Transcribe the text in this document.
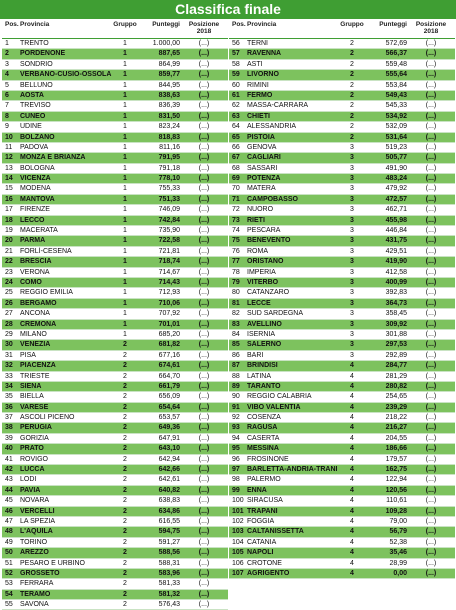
Classifica finale
Pos. Provincia	Gruppo	Punteggi	Posizione
2018
1	TRENTO	1	1.000,00	(...)
2	PORDENONE	1	887,65	(...)
3	SONDRIO	1	864,99	(...)
4	VERBANO-CUSIO-OSSOLA	1	859,77	(...)
5	BELLUNO	1	844,95	(...)
6	AOSTA	1	838,63	(...)
7	TREVISO	1	836,39	(...)
8	CUNEO	1	831,50	(...)
9	UDINE	1	823,24	(...)
10	BOLZANO	1	818,83	(...)
11	PADOVA	1	811,16	(...)
12	MONZA E BRIANZA	1	791,95	(...)
13	BOLOGNA	1	791,18	(...)
14	VICENZA	1	778,10	(...)
15	MODENA	1	755,33	(...)
16	MANTOVA	1	751,33	(...)
17	FIRENZE	1	746,09	(...)
18	LECCO	1	742,84	(...)
19	MACERATA	1	735,90	(...)
20	PARMA	1	722,58	(...)
21	FORLÌ-CESENA	1	721,81	(...)
22	BRESCIA	1	718,74	(...)
23	VERONA	1	714,67	(...)
24	COMO	1	714,43	(...)
25	REGGIO EMILIA	1	712,93	(...)
26	BERGAMO	1	710,06	(...)
27	ANCONA	1	707,92	(...)
28	CREMONA	1	701,01	(...)
29	MILANO	1	685,20	(...)
30	VENEZIA	2	681,82	(...)
31	PISA	2	677,16	(...)
32	PIACENZA	2	674,61	(...)
33	TRIESTE	2	664,70	(...)
34	SIENA	2	661,79	(...)
35	BIELLA	2	656,09	(...)
36	VARESE	2	654,64	(...)
37	ASCOLI PICENO	2	653,57	(...)
38	PERUGIA	2	649,36	(...)
39	GORIZIA	2	647,91	(...)
40	PRATO	2	643,10	(...)
41	ROVIGO	2	642,94	(...)
42	LUCCA	2	642,66	(...)
43	LODI	2	642,61	(...)
44	PAVIA	2	640,82	(...)
45	NOVARA	2	638,83	(...)
46	VERCELLI	2	634,86	(...)
47	LA SPEZIA	2	616,55	(...)
48	L'AQUILA	2	594,75	(...)
49	TORINO	2	591,27	(...)
50	AREZZO	2	588,56	(...)
51	PESARO E URBINO	2	588,31	(...)
52	GROSSETO	2	583,96	(...)
53	FERRARA	2	581,33	(...)
54	TERAMO	2	581,32	(...)
55	SAVONA	2	576,43	(...)
Pos. Provincia	Gruppo	Punteggi	Posizione
2018
56	TERNI	2	572,69	(...)
57	RAVENNA	2	566,37	(...)
58	ASTI	2	559,48	(...)
59	LIVORNO	2	555,64	(...)
60	RIMINI	2	553,84	(...)
61	FERMO	2	549,43	(...)
62	MASSA-CARRARA	2	545,33	(...)
63	CHIETI	2	534,92	(...)
64	ALESSANDRIA	2	532,09	(...)
65	PISTOIA	2	531,64	(...)
66	GENOVA	3	519,23	(...)
67	CAGLIARI	3	505,77	(...)
68	SASSARI	3	491,90	(...)
69	POTENZA	3	483,24	(...)
70	MATERA	3	479,92	(...)
71	CAMPOBASSO	3	472,57	(...)
72	NUORO	3	462,71	(...)
73	RIETI	3	455,98	(...)
74	PESCARA	3	446,84	(...)
75	BENEVENTO	3	431,75	(...)
76	ROMA	3	429,51	(...)
77	ORISTANO	3	419,90	(...)
78	IMPERIA	3	412,58	(...)
79	VITERBO	3	400,99	(...)
80	CATANZARO	3	392,83	(...)
81	LECCE	3	364,73	(...)
82	SUD SARDEGNA	3	358,45	(...)
83	AVELLINO	3	309,92	(...)
84	ISERNIA	3	301,88	(...)
85	SALERNO	3	297,53	(...)
86	BARI	3	292,89	(...)
87	BRINDISI	4	284,77	(...)
88	LATINA	4	281,29	(...)
89	TARANTO	4	280,82	(...)
90	REGGIO CALABRIA	4	254,65	(...)
91	VIBO VALENTIA	4	239,29	(...)
92	COSENZA	4	218,22	(...)
93	RAGUSA	4	216,27	(...)
94	CASERTA	4	204,55	(...)
95	MESSINA	4	186,66	(...)
96	FROSINONE	4	179,57	(...)
97	BARLETTA-ANDRIA-TRANI	4	162,75	(...)
98	PALERMO	4	122,94	(...)
99	ENNA	4	120,56	(...)
100 SIRACUSA	4	110,61	(...)
101 TRAPANI	4	109,28	(...)
102 FOGGIA	4	79,00	(...)
103 CALTANISSETTA	4	56,79	(...)
104 CATANIA	4	52,38	(...)
105 NAPOLI	4	35,46	(...)
106 CROTONE	4	28,99	(...)
107 AGRIGENTO	4	0,00	(...)
